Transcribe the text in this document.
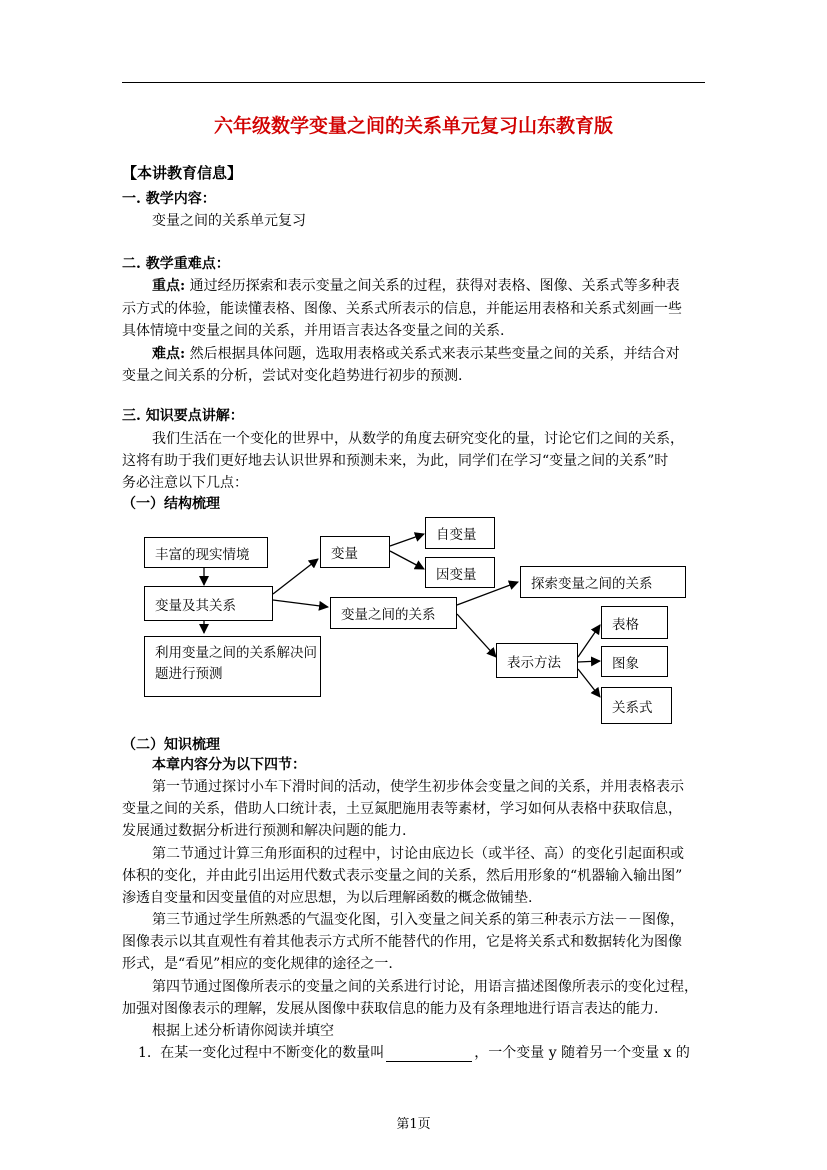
六年级数学变量之间的关系单元复习山东教育版
【本讲教育信息】
一. 教学内容：
变量之间的关系单元复习
二. 教学重难点：
重点: 通过经历探索和表示变量之间关系的过程，获得对表格、图像、关系式等多种表
示方式的体验，能读懂表格、图像、关系式所表示的信息，并能运用表格和关系式刻画一些
具体情境中变量之间的关系，并用语言表达各变量之间的关系.
难点: 然后根据具体问题，选取用表格或关系式来表示某些变量之间的关系，并结合对
变量之间关系的分析，尝试对变化趋势进行初步的预测.
三. 知识要点讲解：
我们生活在一个变化的世界中，从数学的角度去研究变化的量，讨论它们之间的关系，
这将有助于我们更好地去认识世界和预测未来，为此，同学们在学习“变量之间的关系”时
务必注意以下几点：
（一）结构梳理
丰富的现实情境
变量及其关系
利用变量之间的关系解决问题进行预测
变量
自变量
因变量
变量之间的关系
探索变量之间的关系
表示方法
表格
图象
关系式
（二）知识梳理
本章内容分为以下四节：
第一节通过探讨小车下滑时间的活动，使学生初步体会变量之间的关系，并用表格表示
变量之间的关系，借助人口统计表，土豆氮肥施用表等素材，学习如何从表格中获取信息，
发展通过数据分析进行预测和解决问题的能力.
第二节通过计算三角形面积的过程中，讨论由底边长（或半径、高）的变化引起面积或
体积的变化，并由此引出运用代数式表示变量之间的关系，然后用形象的“机器输入输出图”
渗透自变量和因变量值的对应思想，为以后理解函数的概念做铺垫.
第三节通过学生所熟悉的气温变化图，引入变量之间关系的第三种表示方法－－图像，
图像表示以其直观性有着其他表示方式所不能替代的作用，它是将关系式和数据转化为图像
形式，是“看见”相应的变化规律的途径之一.
第四节通过图像所表示的变量之间的关系进行讨论，用语言描述图像所表示的变化过程，
加强对图像表示的理解，发展从图像中获取信息的能力及有条理地进行语言表达的能力.
根据上述分析请你阅读并填空
1. 在某一变化过程中不断变化的数量叫	，一个变量 y 随着另一个变量 x 的
第1页
